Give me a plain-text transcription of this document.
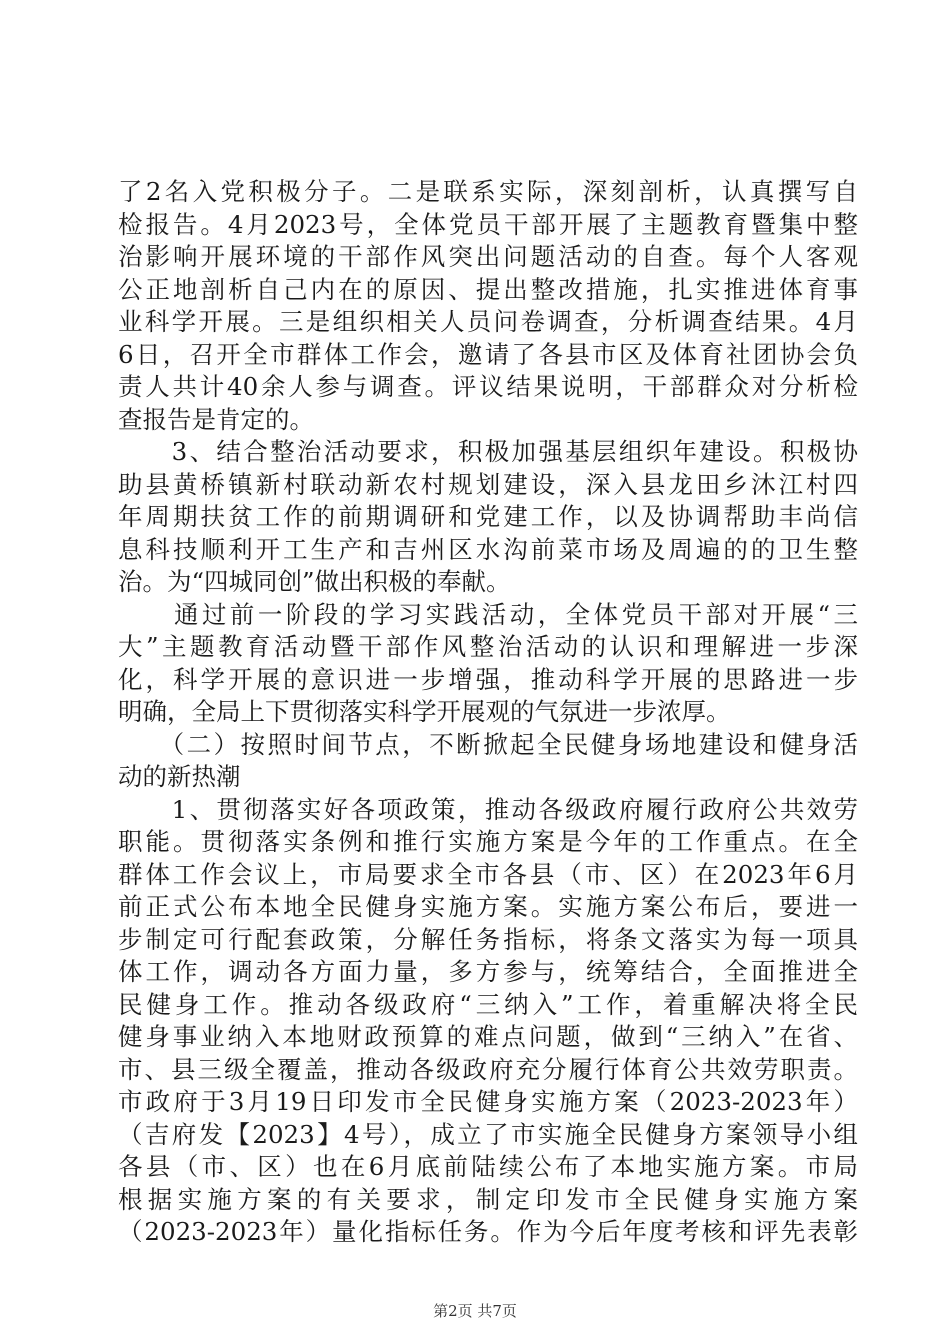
了2名入党积极分子。二是联系实际，深刻剖析，认真撰写自
检报告。4月2023号，全体党员干部开展了主题教育暨集中整
治影响开展环境的干部作风突出问题活动的自查。每个人客观
公正地剖析自己内在的原因、提出整改措施，扎实推进体育事
业科学开展。三是组织相关人员问卷调查，分析调查结果。4月
6日，召开全市群体工作会，邀请了各县市区及体育社团协会负
责人共计40余人参与调查。评议结果说明，干部群众对分析检
查报告是肯定的。
　　3、结合整治活动要求，积极加强基层组织年建设。积极协
助县黄桥镇新村联动新农村规划建设，深入县龙田乡沐江村四
年周期扶贫工作的前期调研和党建工作，以及协调帮助丰尚信
息科技顺利开工生产和吉州区水沟前菜市场及周遍的的卫生整
治。为“四城同创”做出积极的奉献。
　　通过前一阶段的学习实践活动，全体党员干部对开展“三
大”主题教育活动暨干部作风整治活动的认识和理解进一步深
化，科学开展的意识进一步增强，推动科学开展的思路进一步
明确，全局上下贯彻落实科学开展观的气氛进一步浓厚。
　　（二）按照时间节点，不断掀起全民健身场地建设和健身活
动的新热潮
　　1、贯彻落实好各项政策，推动各级政府履行政府公共效劳
职能。贯彻落实条例和推行实施方案是今年的工作重点。在全
群体工作会议上，市局要求全市各县（市、区）在2023年6月
前正式公布本地全民健身实施方案。实施方案公布后，要进一
步制定可行配套政策，分解任务指标，将条文落实为每一项具
体工作，调动各方面力量，多方参与，统筹结合，全面推进全
民健身工作。推动各级政府“三纳入”工作，着重解决将全民
健身事业纳入本地财政预算的难点问题，做到“三纳入”在省、
市、县三级全覆盖，推动各级政府充分履行体育公共效劳职责。
市政府于3月19日印发市全民健身实施方案（2023-2023年）
（吉府发【2023】4号），成立了市实施全民健身方案领导小组
各县（市、区）也在6月底前陆续公布了本地实施方案。市局
根据实施方案的有关要求，制定印发市全民健身实施方案
（2023-2023年）量化指标任务。作为今后年度考核和评先表彰
第2页 共7页
